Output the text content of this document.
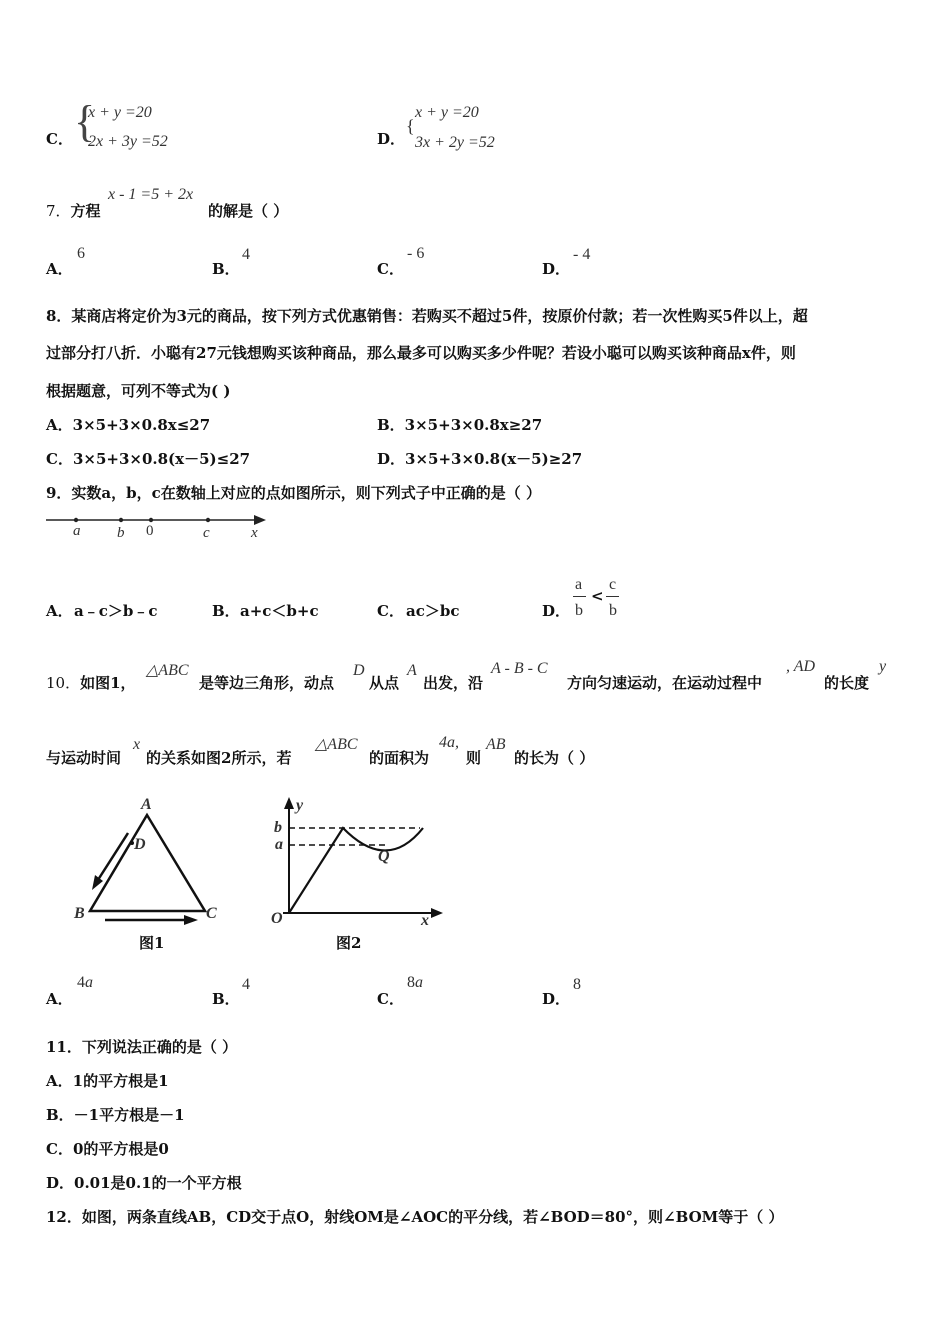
C． {
x + y =20
2x + 3y =52	D．
{
x + y =20
3x + 2y =52
7．方程
x - 1 =5 + 2x
的解是（ ）
A．
6
B．
4
C．
- 6
D．
- 4
8．某商店将定价为3元的商品，按下列方式优惠销售：若购买不超过5件，按原价付款；若一次性购买5件以上，超
过部分打八折．小聪有27元钱想购买该种商品，那么最多可以购买多少件呢？若设小聪可以购买该种商品x件，则
根据题意，可列不等式为( )
A．3×5+3×0.8x≤27	B．3×5+3×0.8x≥27
C．3×5+3×0.8(x－5)≤27	D．3×5+3×0.8(x－5)≥27
9．实数a，b，c在数轴上对应的点如图所示，则下列式子中正确的是（ ）
a b 0	c	x
A． a﹣c＞b﹣c	B． a+c＜b+c	C． ac＞bc	D．
a
b
<
c
b
10．如图1，
△ABC
是等边三角形，动点
D
从点
A
出发，沿
A - B - C
方向匀速运动，在运动过程中
, AD
的长度
y
与运动时间
x
的关系如图2所示，若
△ABC
的面积为
4a,
则
AB
的长为（ ）
A
D
B	C
图1
y
b
a
Q
O	x
图2
A．
4a
B．
4
C．
8a
D．
8
11．下列说法正确的是（ ）
A．1的平方根是1
B．－1平方根是－1
C．0的平方根是0
D．0.01是0.1的一个平方根
12．如图，两条直线AB，CD交于点O，射线OM是∠AOC的平分线，若∠BOD＝80°，则∠BOM等于（ ）
